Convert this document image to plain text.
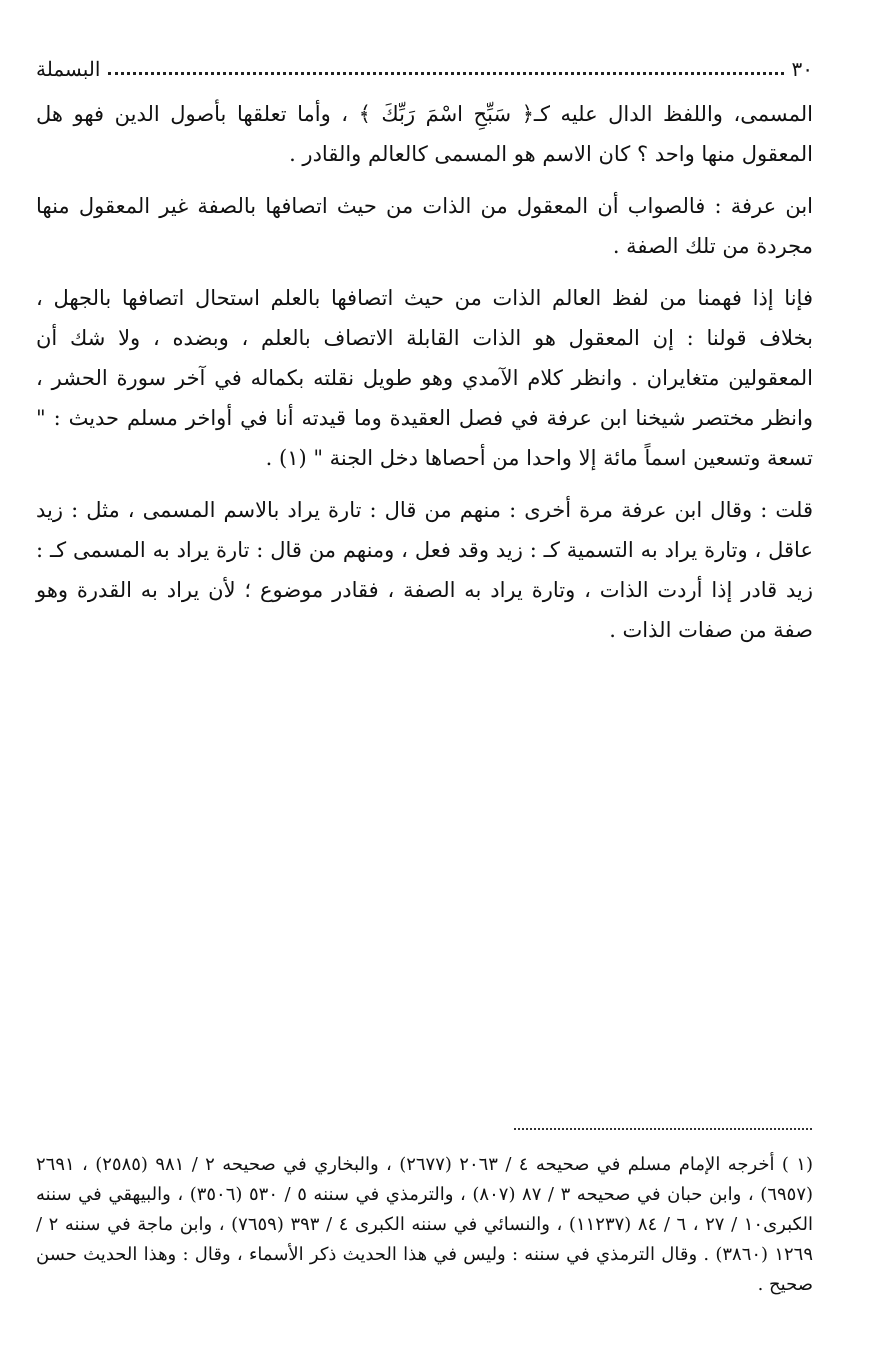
٣٠
البسملة

المسمى، واللفظ الدال عليه كـ﴿ سَبِّحِ اسْمَ رَبِّكَ ﴾ ، وأما تعلقها بأصول الدين فهو هل المعقول منها واحد ؟ كان الاسم هو المسمى كالعالم والقادر .

ابن عرفة : فالصواب أن المعقول من الذات من حيث اتصافها بالصفة غير المعقول منها مجردة من تلك الصفة .

فإنا إذا فهمنا من لفظ العالم الذات من حيث اتصافها بالعلم استحال اتصافها بالجهل ، بخلاف قولنا : إن المعقول هو الذات القابلة الاتصاف بالعلم ، وبضده ، ولا شك أن المعقولين متغايران . وانظر كلام الآمدي وهو طويل نقلته بكماله في آخر سورة الحشر ، وانظر مختصر شيخنا ابن عرفة في فصل العقيدة وما قيدته أنا في أواخر مسلم حديث : " تسعة وتسعين اسماً مائة إلا واحدا من أحصاها دخل الجنة " (١) .

قلت : وقال ابن عرفة مرة أخرى : منهم من قال : تارة يراد بالاسم المسمى ، مثل : زيد عاقل ، وتارة يراد به التسمية كـ : زيد وقد فعل ، ومنهم من قال : تارة يراد به المسمى كـ : زيد قادر إذا أردت الذات ، وتارة يراد به الصفة ، فقادر موضوع ؛ لأن يراد به القدرة وهو صفة من صفات الذات .

(١ ) أخرجه الإمام مسلم في صحيحه ٤ / ٢٠٦٣ (٢٦٧٧) ، والبخاري في صحيحه ٢ / ٩٨١ (٢٥٨٥) ، ٢٦٩١ (٦٩٥٧) ، وابن حبان في صحيحه ٣ / ٨٧ (٨٠٧) ، والترمذي في سننه ٥ / ٥٣٠ (٣٥٠٦) ، والبيهقي في سننه الكبرى١٠ / ٢٧ ، ٦ / ٨٤ (١١٢٣٧) ، والنسائي في سننه الكبرى ٤ / ٣٩٣ (٧٦٥٩) ، وابن ماجة في سننه ٢ / ١٢٦٩ (٣٨٦٠) . وقال الترمذي في سننه : وليس في هذا الحديث ذكر الأسماء ، وقال : وهذا الحديث حسن صحيح .
